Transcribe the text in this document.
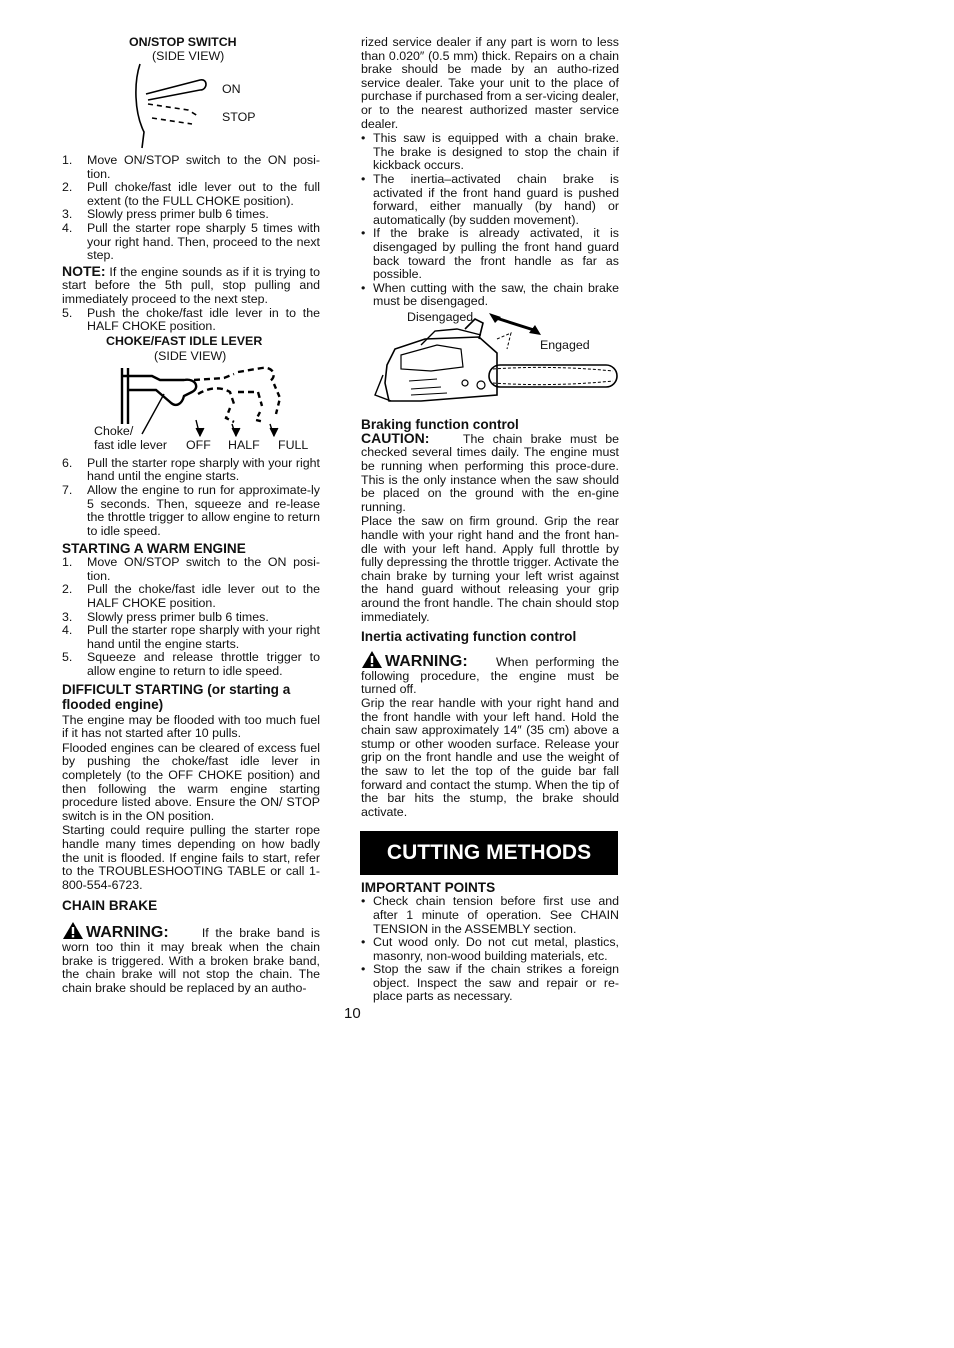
ON/STOP SWITCH
(SIDE VIEW)
ON
STOP
1. Move ON/STOP switch to the ON posi-tion.
2. Pull choke/fast idle lever out to the full extent (to the FULL CHOKE position).
3. Slowly press primer bulb 6 times.
4. Pull the starter rope sharply 5 times with your right hand. Then, proceed to the next step.

NOTE: If the engine sounds as if it is trying to start before the 5th pull, stop pulling and immediately proceed to the next step.

5. Push the choke/fast idle lever in to the HALF CHOKE position.
CHOKE/FAST IDLE LEVER
(SIDE VIEW)
Choke/
fast idle lever OFF HALF FULL
6. Pull the starter rope sharply with your right hand until the engine starts.
7. Allow the engine to run for approximate-ly 5 seconds. Then, squeeze and re-lease the throttle trigger to allow engine to return to idle speed.
STARTING A WARM ENGINE
1. Move ON/STOP switch to the ON posi-tion.
2. Pull the choke/fast idle lever out to the HALF CHOKE position.
3. Slowly press primer bulb 6 times.
4. Pull the starter rope sharply with your right hand until the engine starts.
5. Squeeze and release throttle trigger to allow engine to return to idle speed.
DIFFICULT STARTING (or starting a flooded engine)

The engine may be flooded with too much fuel if it has not started after 10 pulls.

Flooded engines can be cleared of excess fuel by pushing the choke/fast idle lever in completely (to the OFF CHOKE position) and then following the warm engine starting procedure listed above. Ensure the ON/ STOP switch is in the ON position.

Starting could require pulling the starter rope handle many times depending on how badly the unit is flooded. If engine fails to start, refer to the TROUBLESHOOTING TABLE or call 1-800-554-6723.

CHAIN BRAKE

WARNING:	If the brake band is worn too thin it may break when the chain brake is triggered. With a broken brake band, the chain brake will not stop the chain. The chain brake should be replaced by an autho-

rized service dealer if any part is worn to less than 0.020″ (0.5 mm) thick. Repairs on a chain brake should be made by an autho-rized service dealer. Take your unit to the place of purchase if purchased from a ser-vicing dealer, or to the nearest authorized master service dealer.

• This saw is equipped with a chain brake. The brake is designed to stop the chain if kickback occurs.
• The inertia–activated chain brake is activated if the front hand guard is pushed forward, either manually (by hand) or automatically (by sudden movement).
• If the brake is already activated, it is disengaged by pulling the front hand guard back toward the front handle as far as possible.
• When cutting with the saw, the chain brake must be disengaged.
Disengaged
Engaged
Braking function control

CAUTION:	The chain brake must be checked several times daily. The engine must be running when performing this proce-dure. This is the only instance when the saw should be placed on the ground with the en-gine running.

Place the saw on firm ground. Grip the rear handle with your right hand and the front han-dle with your left hand. Apply full throttle by fully depressing the throttle trigger. Activate the chain brake by turning your left wrist against the hand guard without releasing your grip around the front handle. The chain should stop immediately.

Inertia activating function control

WARNING: When performing the following procedure, the engine must be turned off.

Grip the rear handle with your right hand and the front handle with your left hand. Hold the chain saw approximately 14″ (35 cm) above a stump or other wooden surface. Release your grip on the front handle and use the weight of the saw to let the top of the guide bar fall forward and contact the stump. When the tip of the bar hits the stump, the brake should activate.

CUTTING METHODS
IMPORTANT POINTS
• Check chain tension before first use and after 1 minute of operation. See CHAIN TENSION in the ASSEMBLY section.
• Cut wood only. Do not cut metal, plastics, masonry, non-wood building materials, etc.
• Stop the saw if the chain strikes a foreign object. Inspect the saw and repair or re-place parts as necessary.
10
